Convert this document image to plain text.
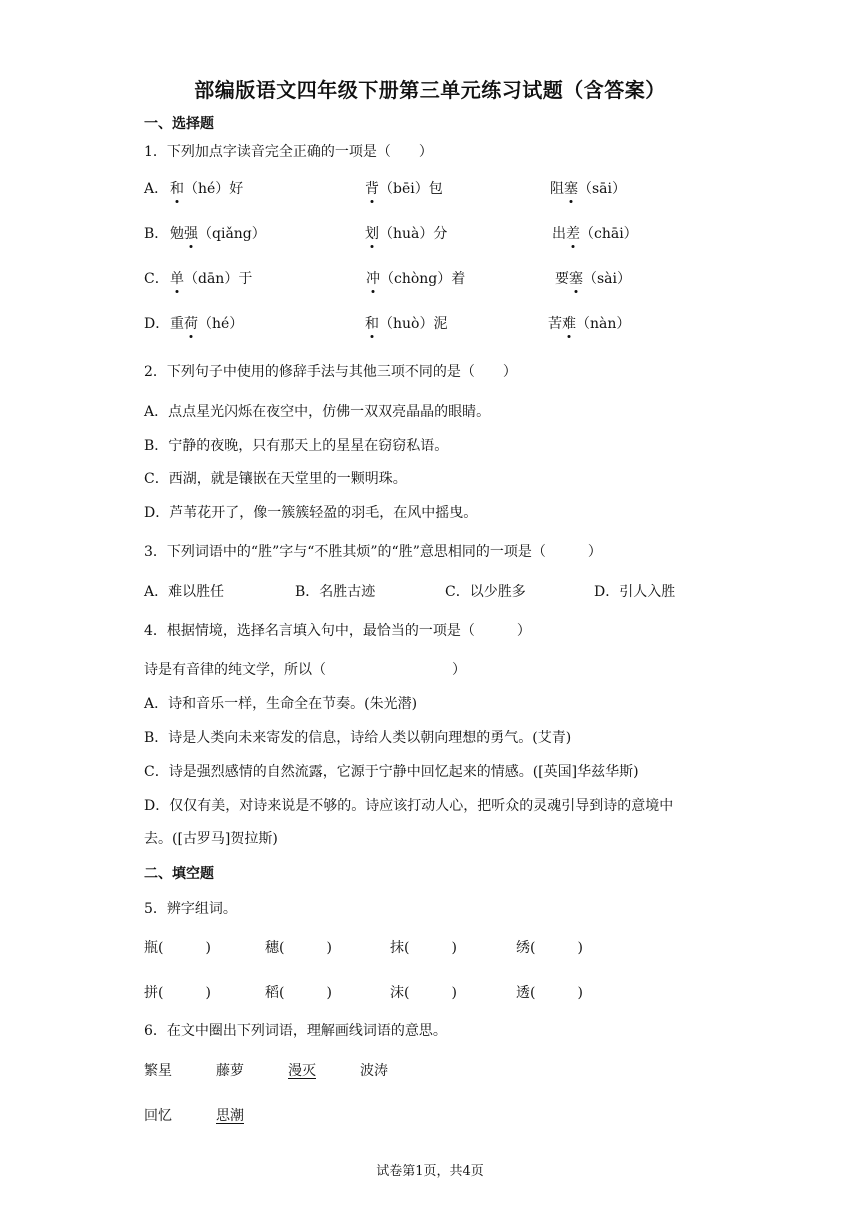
部编版语文四年级下册第三单元练习试题（含答案）
一、选择题
1．下列加点字读音完全正确的一项是（　　）
A． 和（hé）好	背（bēi）包	阻塞（sāi）
B． 勉强（qiǎng）	划（huà）分	出差（chāi）
C． 单（dān）于	冲（chòng）着	要塞（sài）
D． 重荷（hé）	和（huò）泥	苦难（nàn）
2．下列句子中使用的修辞手法与其他三项不同的是（　　）
A．点点星光闪烁在夜空中，仿佛一双双亮晶晶的眼睛。
B．宁静的夜晚，只有那天上的星星在窃窃私语。
C．西湖，就是镶嵌在天堂里的一颗明珠。
D．芦苇花开了，像一簇簇轻盈的羽毛，在风中摇曳。
3．下列词语中的“胜”字与“不胜其烦”的“胜”意思相同的一项是（　　　）
A．难以胜任	B．名胜古迹	C．以少胜多	D．引人入胜
4．根据情境，选择名言填入句中，最恰当的一项是（　　　）
诗是有音律的纯文学，所以（　　　　　　　　　）
A．诗和音乐一样，生命全在节奏。(朱光潜)
B．诗是人类向未来寄发的信息，诗给人类以朝向理想的勇气。(艾青)
C．诗是强烈感情的自然流露，它源于宁静中回忆起来的情感。([英国]华兹华斯)
D．仅仅有美，对诗来说是不够的。诗应该打动人心，把听众的灵魂引导到诗的意境中
去。([古罗马]贺拉斯)
二、填空题
5．辨字组词。
瓶(　　　)	穗(　　　)	抹(　　　)	绣(　　　)
拼(　　　)	稻(　　　)	沫(　　　)	透(　　　)
6．在文中圈出下列词语，理解画线词语的意思。
繁星	藤萝	漫灭	波涛
回忆	思潮
试卷第1页，共4页
